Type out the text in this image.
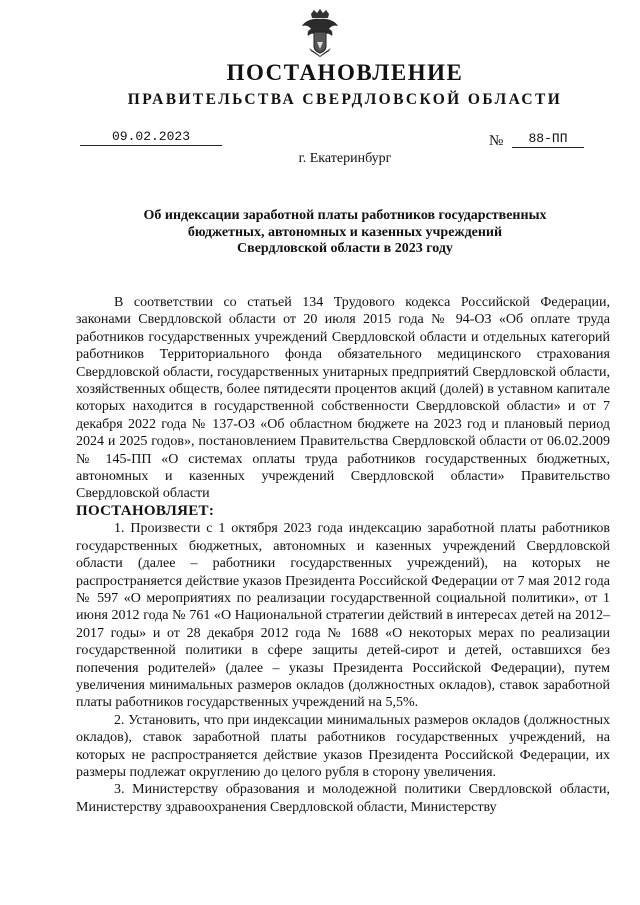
ПОСТАНОВЛЕНИЕ
ПРАВИТЕЛЬСТВА СВЕРДЛОВСКОЙ ОБЛАСТИ
09.02.2023	№	88-ПП
г. Екатеринбург
Об индексации заработной платы работников государственных
бюджетных, автономных и казенных учреждений
Свердловской области в 2023 году

В соответствии со статьей 134 Трудового кодекса Российской Федерации, законами Свердловской области от 20 июля 2015 года № 94-ОЗ «Об оплате труда работников государственных учреждений Свердловской области и отдельных категорий работников Территориального фонда обязательного медицинского страхования Свердловской области, государственных унитарных предприятий Свердловской области, хозяйственных обществ, более пятидесяти процентов акций (долей) в уставном капитале которых находится в государственной собственности Свердловской области» и от 7 декабря 2022 года № 137-ОЗ «Об областном бюджете на 2023 год и плановый период 2024 и 2025 годов», постановлением Правительства Свердловской области от 06.02.2009 № 145-ПП «О системах оплаты труда работников государственных бюджетных, автономных и казенных учреждений Свердловской области» Правительство Свердловской области

ПОСТАНОВЛЯЕТ:

1. Произвести с 1 октября 2023 года индексацию заработной платы работников государственных бюджетных, автономных и казенных учреждений Свердловской области (далее – работники государственных учреждений), на которых не распространяется действие указов Президента Российской Федерации от 7 мая 2012 года № 597 «О мероприятиях по реализации государственной социальной политики», от 1 июня 2012 года № 761 «О Национальной стратегии действий в интересах детей на 2012–2017 годы» и от 28 декабря 2012 года № 1688 «О некоторых мерах по реализации государственной политики в сфере защиты детей-сирот и детей, оставшихся без попечения родителей» (далее – указы Президента Российской Федерации), путем увеличения минимальных размеров окладов (должностных окладов), ставок заработной платы работников государственных учреждений на 5,5%.

2. Установить, что при индексации минимальных размеров окладов (должностных окладов), ставок заработной платы работников государственных учреждений, на которых не распространяется действие указов Президента Российской Федерации, их размеры подлежат округлению до целого рубля в сторону увеличения.

3. Министерству образования и молодежной политики Свердловской области, Министерству здравоохранения Свердловской области, Министерству
